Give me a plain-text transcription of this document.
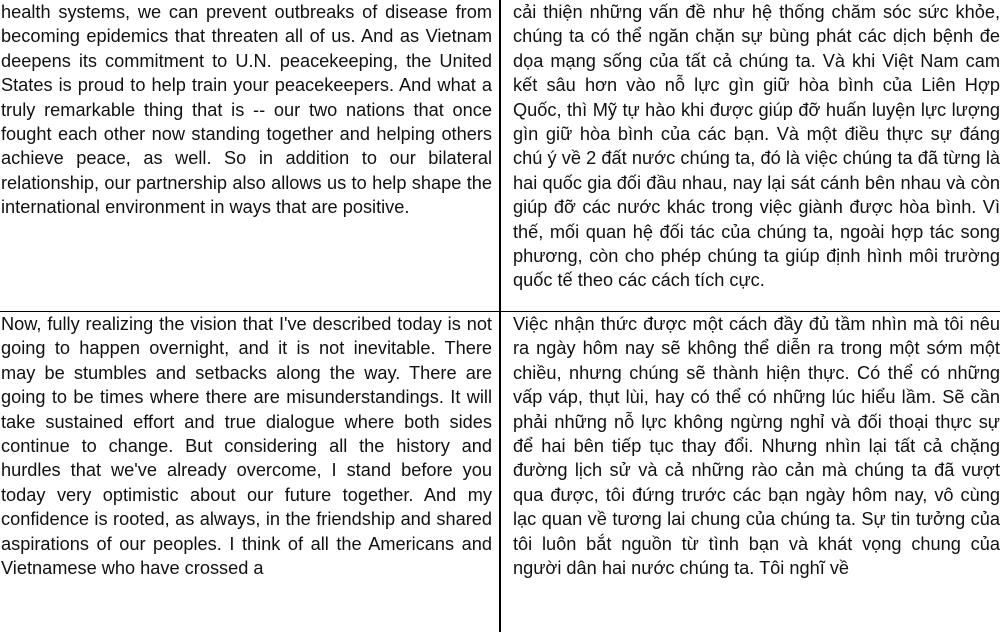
health systems, we can prevent outbreaks of disease from becoming epidemics that threaten all of us. And as Vietnam deepens its commitment to U.N. peacekeeping, the United States is proud to help train your peacekeepers. And what a truly remarkable thing that is -- our two nations that once fought each other now standing together and helping others achieve peace, as well. So in addition to our bilateral relationship, our partnership also allows us to help shape the international environment in ways that are positive.

cải thiện những vấn đề như hệ thống chăm sóc sức khỏe, chúng ta có thể ngăn chặn sự bùng phát các dịch bệnh đe dọa mạng sống của tất cả chúng ta. Và khi Việt Nam cam kết sâu hơn vào nỗ lực gìn giữ hòa bình của Liên Hợp Quốc, thì Mỹ tự hào khi được giúp đỡ huấn luyện lực lượng gìn giữ hòa bình của các bạn. Và một điều thực sự đáng chú ý về 2 đất nước chúng ta, đó là việc chúng ta đã từng là hai quốc gia đối đầu nhau, nay lại sát cánh bên nhau và còn giúp đỡ các nước khác trong việc giành được hòa bình. Vì thế, mối quan hệ đối tác của chúng ta, ngoài hợp tác song phương, còn cho phép chúng ta giúp định hình môi trường quốc tế theo các cách tích cực.

Now, fully realizing the vision that I've described today is not going to happen overnight, and it is not inevitable. There may be stumbles and setbacks along the way. There are going to be times where there are misunderstandings. It will take sustained effort and true dialogue where both sides continue to change. But considering all the history and hurdles that we've already overcome, I stand before you today very optimistic about our future together. And my confidence is rooted, as always, in the friendship and shared aspirations of our peoples. I think of all the Americans and Vietnamese who have crossed a

Việc nhận thức được một cách đầy đủ tầm nhìn mà tôi nêu ra ngày hôm nay sẽ không thể diễn ra trong một sớm một chiều, nhưng chúng sẽ thành hiện thực. Có thể có những vấp váp, thụt lùi, hay có thể có những lúc hiểu lầm. Sẽ cần phải những nỗ lực không ngừng nghỉ và đối thoại thực sự để hai bên tiếp tục thay đổi. Nhưng nhìn lại tất cả chặng đường lịch sử và cả những rào cản mà chúng ta đã vượt qua được, tôi đứng trước các bạn ngày hôm nay, vô cùng lạc quan về tương lai chung của chúng ta. Sự tin tưởng của tôi luôn bắt nguồn từ tình bạn và khát vọng chung của người dân hai nước chúng ta. Tôi nghĩ về
